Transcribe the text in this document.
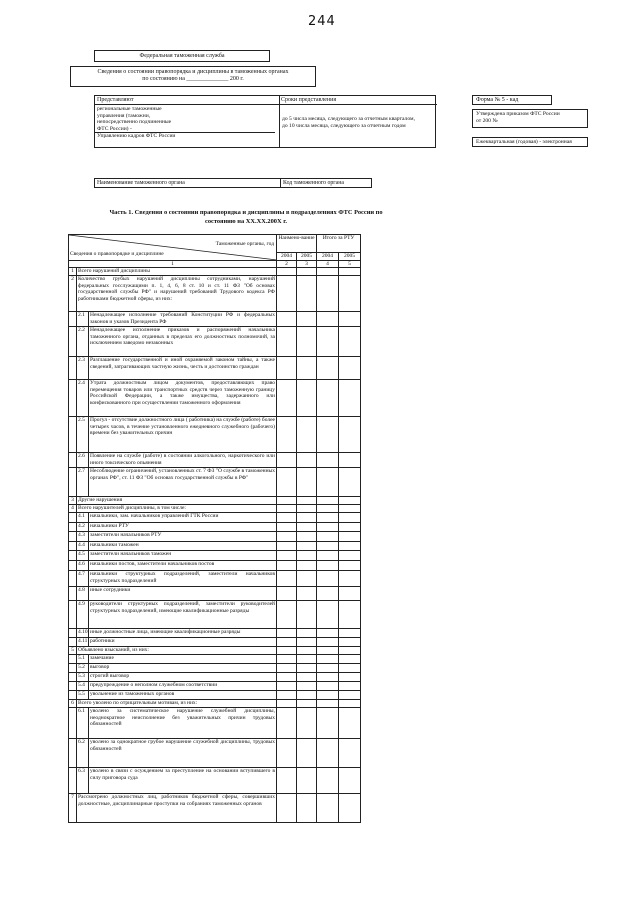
244
Федеральная таможенная служба
Сведения о состоянии правопорядка и дисциплины в таможенных органах
по состоянию на ______________ 200 г.
Представляют
региональные таможенные
управления (таможни,
непосредственно подчиненные
ФТС России) -
Управлению кадров ФТС России
Сроки представления
до 5 числа месяца, следующего за отчетным кварталом,
до 10 числа месяца, следующего за отчетным годом
Форма № 5 - кад
Утверждена приказом ФТС России
от 200 №
Ежеквартальная (годовая) - электронная
Наименование таможенного органа	Код таможенного органа
Часть 1. Сведения о состоянии правопорядка и дисциплины в подразделениях ФТС России по
состоянию на ХХ.ХХ.200Х г.
Таможенные органы, год
Сведения о правопорядке и дисциплине			Наимено-вание		Итого за РТУ	
			2004	2005	2004	2005
1			2	3	4	5
1	Всего нарушений дисциплины					
2	Количество грубых нарушений дисциплины сотрудниками, нарушений федеральных госслужащими п. 1, 4, 6, 8 ст. 10 и ст. 11 ФЗ "Об основах государственной службы РФ" и нарушений требований Трудового кодекса РФ работниками бюджетной сферы, из них:					
	2.1	Ненадлежащее исполнение требований Конституции РФ и федеральных законов и указов Президента РФ				
	2.2	Ненадлежащее исполнение приказов и распоряжений начальника таможенного органа, отданных в пределах его должностных полномочий, за исключением заведомо незаконных				
	2.3	Разглашение государственной и иной охраняемой законом тайны, а также сведений, затрагивающих частную жизнь, честь и достоинство граждан				
	2.4	Утрата должностным лицом документов, предоставляющих право перемещения товаров или транспортных средств через таможенную границу Российской Федерации, а также имущества, задержанного или конфискованного при осуществлении таможенного оформления				
	2.5	Прогул - отсутствие должностного лица ( работника) на службе (работе) более четырех часов, в течение установленного ежедневного служебного (рабочего) времени без уважительных причин				
	2.6	Появление на службе (работе) в состоянии алкогольного, наркотического или иного токсического опьянения				
	2.7	Несоблюдение ограничений, установленных ст. 7 ФЗ "О службе в таможенных органах РФ", ст. 11 ФЗ "Об основах государственной службы в РФ"				
3	Другие нарушения					
4	Всего нарушителей дисциплины, в том числе:					
	4.1	начальники, зам. начальников управлений ГТК России				
	4.2	начальники РТУ				
	4.3	заместители начальников РТУ				
	4.4	начальники таможен				
	4.5	заместители начальников таможен				
	4.6	начальники постов, заместители начальников постов				
	4.7	начальники структурных подразделений, заместители начальников структурных подразделений				
	4.8	иные сотрудники				
	4.9	руководители структурных подразделений, заместители руководителей структурных подразделений, имеющие квалификационные разряды				
	4.10	иные должностные лица, имеющие квалификационные разряды				
	4.11	работники				
5	Объявлено взысканий, из них:					
	5.1	замечание				
	5.2	выговор				
	5.3	строгий выговор				
	5.4	предупреждение о неполном служебном соответствии				
	5.5	увольнение из таможенных органов				
6	Всего уволено по отрицательным мотивам, из них:					
	6.1	уволено за систематическое нарушение служебной дисциплины, неоднократное неисполнение без уважительных причин трудовых обязанностей				
	6.2	уволено за однократное грубое нарушение служебной дисциплины, трудовых обязанностей				
	6.3	уволено в связи с осуждением за преступление на основании вступившего в силу приговора суда				
7	Рассмотрено должностных лиц, работников бюджетной сферы, совершивших должностные, дисциплинарные проступки на собраниях таможенных органов					
